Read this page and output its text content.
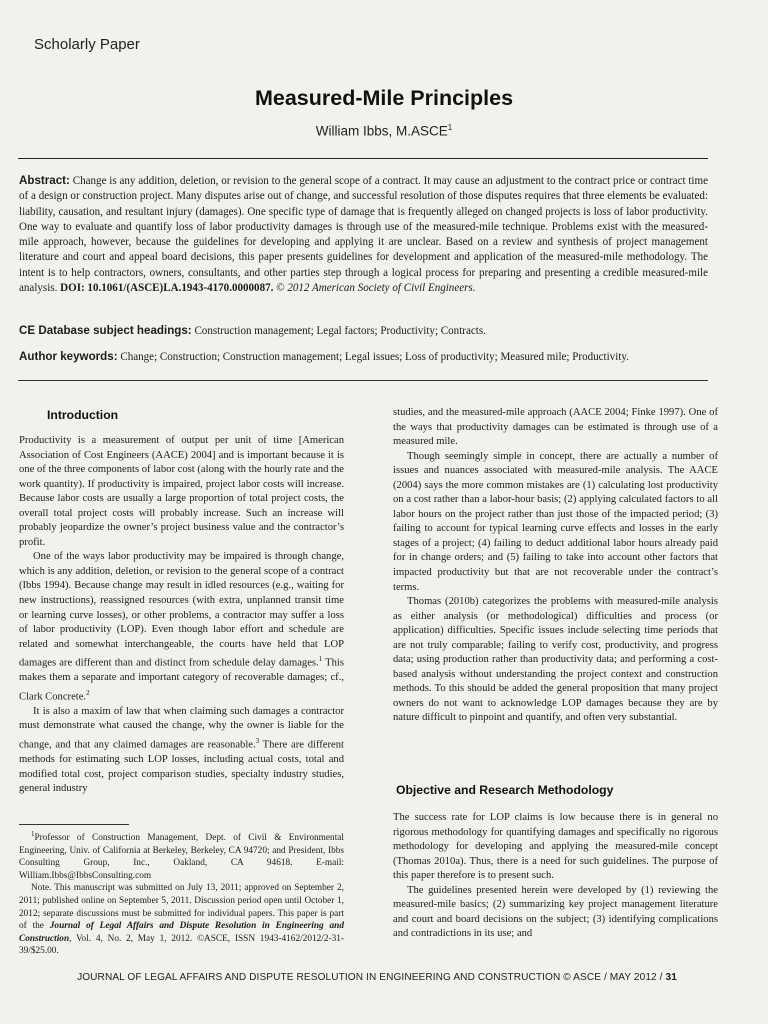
Scholarly Paper
Measured-Mile Principles
William Ibbs, M.ASCE$^1$
Abstract: Change is any addition, deletion, or revision to the general scope of a contract. It may cause an adjustment to the contract price or contract time of a design or construction project. Many disputes arise out of change, and successful resolution of those disputes requires that three elements be evaluated: liability, causation, and resultant injury (damages). One specific type of damage that is frequently alleged on changed projects is loss of labor productivity. One way to evaluate and quantify loss of labor productivity damages is through use of the measured-mile technique. Problems exist with the measured-mile approach, however, because the guidelines for developing and applying it are unclear. Based on a review and synthesis of project management literature and court and appeal board decisions, this paper presents guidelines for development and application of the measured-mile methodology. The intent is to help contractors, owners, consultants, and other parties step through a logical process for preparing and presenting a credible measured-mile analysis. DOI: 10.1061/(ASCE)LA.1943-4170.0000087. © 2012 American Society of Civil Engineers.
CE Database subject headings: Construction management; Legal factors; Productivity; Contracts.
Author keywords: Change; Construction; Construction management; Legal issues; Loss of productivity; Measured mile; Productivity.
Introduction

Productivity is a measurement of output per unit of time [American Association of Cost Engineers (AACE) 2004] and is important because it is one of the three components of labor cost (along with the hourly rate and the work quantity). If productivity is impaired, project labor costs will increase. Because labor costs are usually a large proportion of total project costs, the overall total project costs will probably increase. Such an increase will probably jeopardize the owner’s project business value and the contractor’s profit.

One of the ways labor productivity may be impaired is through change, which is any addition, deletion, or revision to the general scope of a contract (Ibbs 1994). Because change may result in idled resources (e.g., waiting for new instructions), reassigned resources (with extra, unplanned transit time or learning curve losses), or other problems, a contractor may suffer a loss of labor productivity (LOP). Even though labor effort and schedule are related and somewhat interchangeable, the courts have held that LOP damages are different than and distinct from schedule delay damages.$^1$ This makes them a separate and important category of recoverable damages; cf., Clark Concrete.$^2$

It is also a maxim of law that when claiming such damages a contractor must demonstrate what caused the change, why the owner is liable for the change, and that any claimed damages are reasonable.$^3$ There are different methods for estimating such LOP losses, including actual costs, total and modified total cost, project comparison studies, specialty industry studies, general industry

$^1$Professor of Construction Management, Dept. of Civil & Environmental Engineering, Univ. of California at Berkeley, Berkeley, CA 94720; and President, Ibbs Consulting Group, Inc., Oakland, CA 94618. E-mail: William.Ibbs@IbbsConsulting.com

Note. This manuscript was submitted on July 13, 2011; approved on September 2, 2011; published online on September 5, 2011. Discussion period open until October 1, 2012; separate discussions must be submitted for individual papers. This paper is part of the Journal of Legal Affairs and Dispute Resolution in Engineering and Construction, Vol. 4, No. 2, May 1, 2012. ©ASCE, ISSN 1943-4162/2012/2-31-39/$25.00.

studies, and the measured-mile approach (AACE 2004; Finke 1997). One of the ways that productivity damages can be estimated is through use of a measured mile.

Though seemingly simple in concept, there are actually a number of issues and nuances associated with measured-mile analysis. The AACE (2004) says the more common mistakes are (1) calculating lost productivity on a cost rather than a labor-hour basis; (2) applying calculated factors to all labor hours on the project rather than just those of the impacted period; (3) failing to account for typical learning curve effects and losses in the early stages of a project; (4) failing to deduct additional labor hours already paid for in change orders; and (5) failing to take into account other factors that impacted productivity but that are not recoverable under the contract’s terms.

Thomas (2010b) categorizes the problems with measured-mile analysis as either analysis (or methodological) difficulties and process (or application) difficulties. Specific issues include selecting time periods that are not truly comparable; failing to verify cost, productivity, and progress data; using production rather than productivity data; and performing a cost-based analysis without understanding the project context and construction methods. To this should be added the general proposition that many project owners do not want to acknowledge LOP damages because they are by nature difficult to pinpoint and quantify, and often very substantial.

Objective and Research Methodology

The success rate for LOP claims is low because there is in general no rigorous methodology for quantifying damages and specifically no rigorous methodology for developing and applying the measured-mile concept (Thomas 2010a). Thus, there is a need for such guidelines. The purpose of this paper therefore is to present such.

The guidelines presented herein were developed by (1) reviewing the measured-mile basics; (2) summarizing key project management literature and court and board decisions on the subject; (3) identifying complications and contradictions in its use; and

JOURNAL OF LEGAL AFFAIRS AND DISPUTE RESOLUTION IN ENGINEERING AND CONSTRUCTION © ASCE / MAY 2012 / 31
